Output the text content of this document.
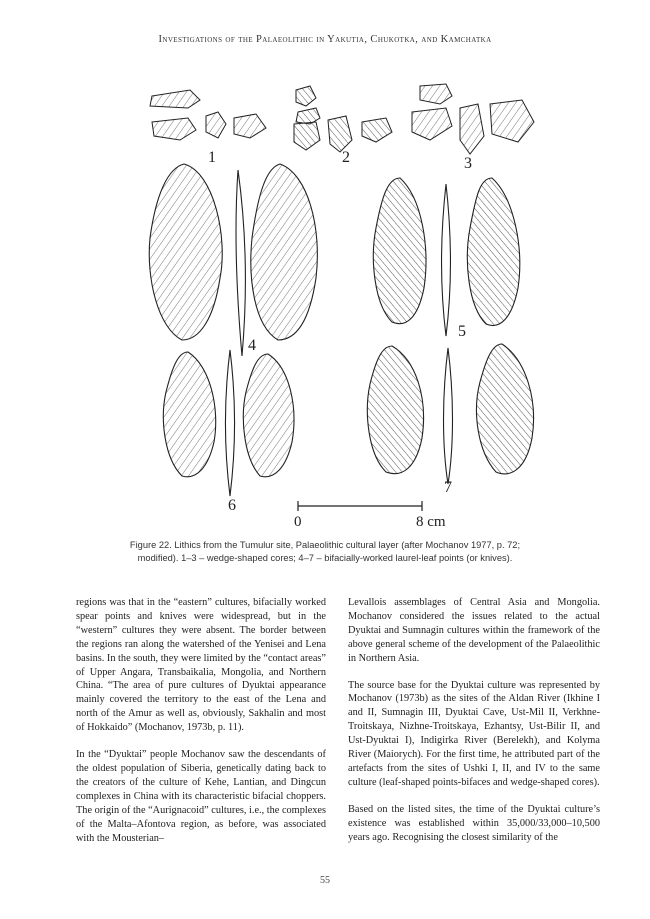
Investigations of the Palaeolithic in Yakutia, Chukotka, and Kamchatka
1	2	3
4
5
6
7
0	8 cm
Figure 22. Lithics from the Tumulur site, Palaeolithic cultural layer (after Mochanov 1977, p. 72;
modified). 1–3 – wedge-shaped cores; 4–7 – bifacially-worked laurel-leaf points (or knives).

regions was that in the “eastern” cultures, bifacially worked spear points and knives were widespread, but in the “western” cultures they were absent. The border between the regions ran along the watershed of the Yenisei and Lena basins. In the south, they were limited by the “contact areas” of Upper Angara, Transbaikalia, Mongolia, and Northern China. “The area of pure cultures of Dyuktai appearance mainly covered the territory to the east of the Lena and north of the Amur as well as, obviously, Sakhalin and most of Hokkaido” (Mochanov, 1973b, p. 11).

In the “Dyuktai” people Mochanov saw the descendants of the oldest population of Siberia, genetically dating back to the creators of the culture of Kehe, Lantian, and Dingcun complexes in China with its characteristic bifacial choppers. The origin of the “Aurignacoid” cultures, i.e., the complexes of the Malta–Afontova region, as before, was associated with the Mousterian–

Levallois assemblages of Central Asia and Mongolia. Mochanov considered the issues related to the actual Dyuktai and Sumnagin cultures within the framework of the above general scheme of the development of the Palaeolithic in Northern Asia.

The source base for the Dyuktai culture was represented by Mochanov (1973b) as the sites of the Aldan River (Ikhine I and II, Sumnagin III, Dyuktai Cave, Ust-Mil II, Verkhne-Troitskaya, Nizhne-Troitskaya, Ezhantsy, Ust-Bilir II, and Ust-Dyuktai I), Indigirka River (Berelekh), and Kolyma River (Maiorych). For the first time, he attributed part of the artefacts from the sites of Ushki I, II, and IV to the same culture (leaf-shaped points-bifaces and wedge-shaped cores).

Based on the listed sites, the time of the Dyuktai culture’s existence was established within 35,000/33,000–10,500 years ago. Recognising the closest similarity of the

55
